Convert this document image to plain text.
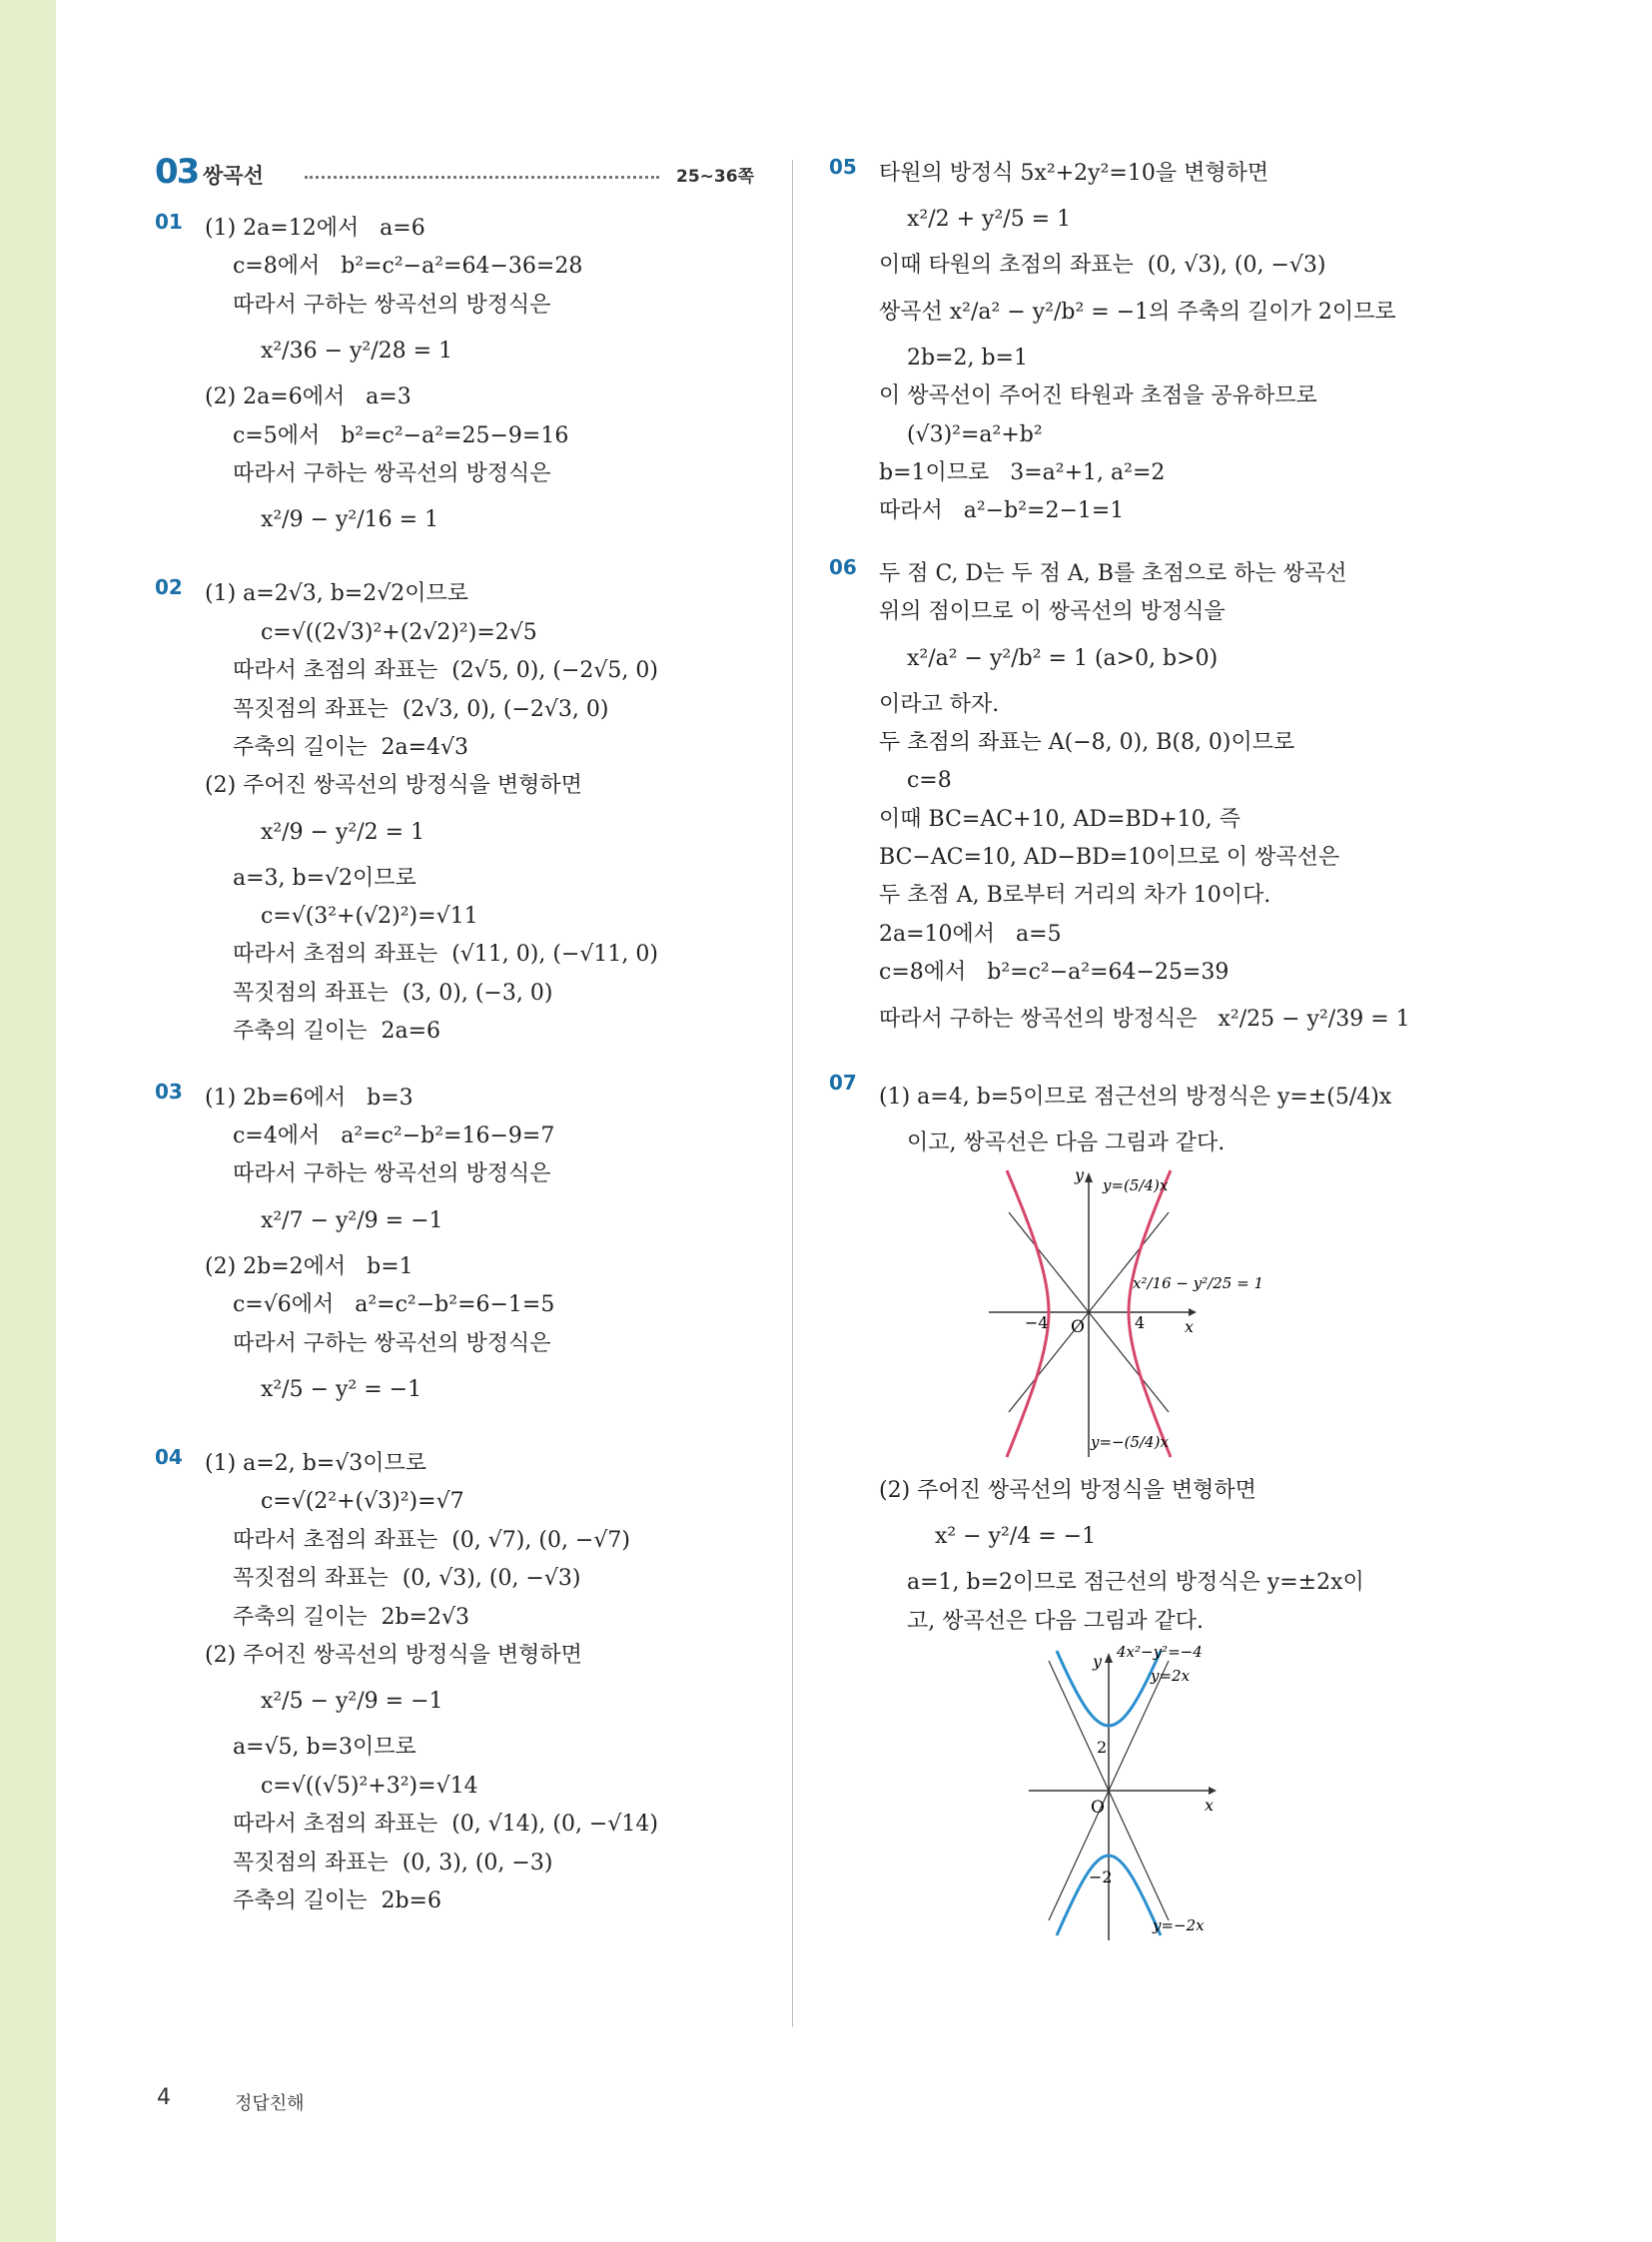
03 쌍곡선	25~36쪽
01 (1) 2a=12에서   a=6
c=8에서   b²=c²−a²=64−36=28
따라서 구하는 쌍곡선의 방정식은
x²/36 − y²/28 = 1
(2) 2a=6에서   a=3
c=5에서   b²=c²−a²=25−9=16
따라서 구하는 쌍곡선의 방정식은
x²/9 − y²/16 = 1
02 (1) a=2√3, b=2√2이므로
c=√((2√3)²+(2√2)²)=2√5
따라서 초점의 좌표는  (2√5, 0), (−2√5, 0)
꼭짓점의 좌표는  (2√3, 0), (−2√3, 0)
주축의 길이는  2a=4√3
(2) 주어진 쌍곡선의 방정식을 변형하면
x²/9 − y²/2 = 1
a=3, b=√2이므로
c=√(3²+(√2)²)=√11
따라서 초점의 좌표는  (√11, 0), (−√11, 0)
꼭짓점의 좌표는  (3, 0), (−3, 0)
주축의 길이는  2a=6
03 (1) 2b=6에서   b=3
c=4에서   a²=c²−b²=16−9=7
따라서 구하는 쌍곡선의 방정식은
x²/7 − y²/9 = −1
(2) 2b=2에서   b=1
c=√6에서   a²=c²−b²=6−1=5
따라서 구하는 쌍곡선의 방정식은
x²/5 − y² = −1
04 (1) a=2, b=√3이므로
c=√(2²+(√3)²)=√7
따라서 초점의 좌표는  (0, √7), (0, −√7)
꼭짓점의 좌표는  (0, √3), (0, −√3)
주축의 길이는  2b=2√3
(2) 주어진 쌍곡선의 방정식을 변형하면
x²/5 − y²/9 = −1
a=√5, b=3이므로
c=√((√5)²+3²)=√14
따라서 초점의 좌표는  (0, √14), (0, −√14)
꼭짓점의 좌표는  (0, 3), (0, −3)
주축의 길이는  2b=6
05 타원의 방정식 5x²+2y²=10을 변형하면
x²/2 + y²/5 = 1
이때 타원의 초점의 좌표는  (0, √3), (0, −√3)
쌍곡선 x²/a² − y²/b² = −1의 주축의 길이가 2이므로
2b=2, b=1
이 쌍곡선이 주어진 타원과 초점을 공유하므로
(√3)²=a²+b²
b=1이므로   3=a²+1, a²=2
따라서   a²−b²=2−1=1
06 두 점 C, D는 두 점 A, B를 초점으로 하는 쌍곡선
위의 점이므로 이 쌍곡선의 방정식을
x²/a² − y²/b² = 1 (a>0, b>0)
이라고 하자.
두 초점의 좌표는 A(−8, 0), B(8, 0)이므로
c=8
이때 BC=AC+10, AD=BD+10, 즉
BC−AC=10, AD−BD=10이므로 이 쌍곡선은
두 초점 A, B로부터 거리의 차가 10이다.
2a=10에서   a=5
c=8에서   b²=c²−a²=64−25=39
따라서 구하는 쌍곡선의 방정식은   x²/25 − y²/39 = 1
07
(1) a=4, b=5이므로 점근선의 방정식은 y=±(5/4)x
이고, 쌍곡선은 다음 그림과 같다.
y
x
O
−4	4
y=(5/4)x
x²/16 − y²/25 = 1
y=−(5/4)x
(2) 주어진 쌍곡선의 방정식을 변형하면
x² − y²/4 = −1
a=1, b=2이므로 점근선의 방정식은 y=±2x이
고, 쌍곡선은 다음 그림과 같다.
y
x
O
2
−2
4x²−y²=−4
y=2x
y=−2x
4	정답친해
